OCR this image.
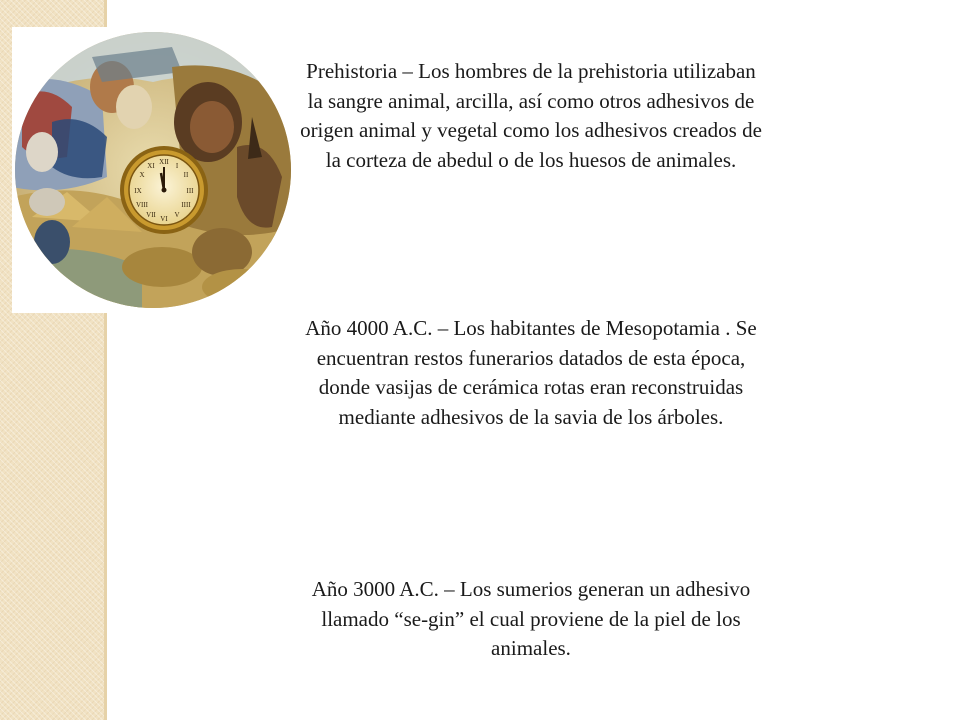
XII I
II
III
IIII
V
VI
VII
VIII
IX
X
XI
Prehistoria – Los hombres de la prehistoria utilizaban la sangre animal, arcilla, así como otros adhesivos de origen animal y vegetal como los adhesivos creados de la corteza de abedul o de los huesos de animales.
Año 4000 A.C. – Los habitantes de Mesopotamia . Se encuentran restos funerarios datados de esta época, donde vasijas de cerámica rotas eran reconstruidas mediante adhesivos de la savia de los árboles.
Año 3000 A.C. – Los sumerios generan un adhesivo llamado “se-gin” el cual proviene de la piel de los animales.
